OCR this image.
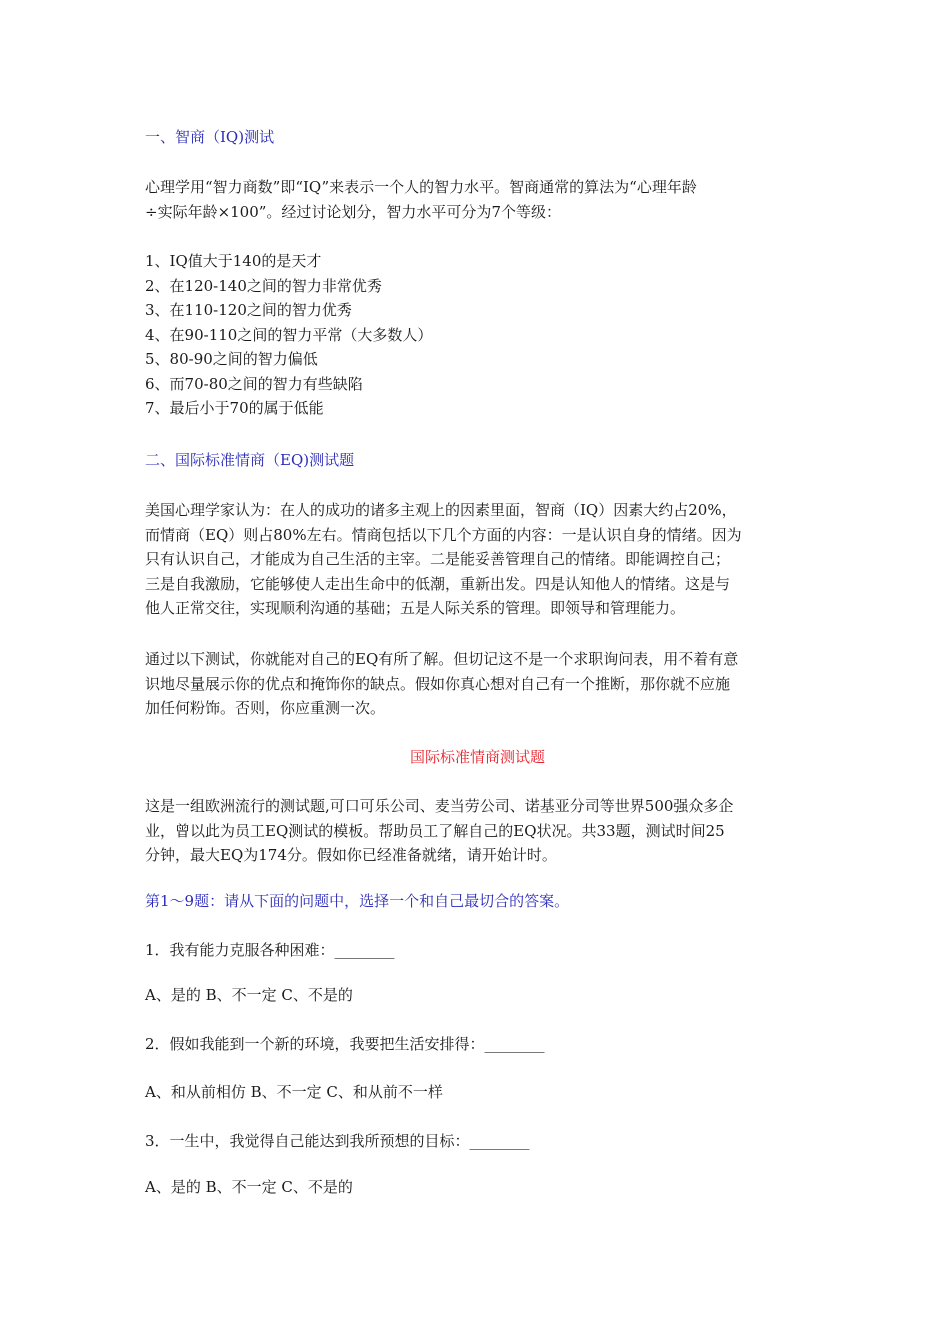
一、智商（IQ)测试

心理学用“智力商数”即“IQ”来表示一个人的智力水平。智商通常的算法为“心理年龄
÷实际年龄×100”。经过讨论划分，智力水平可分为7个等级：

1、IQ值大于140的是天才
2、在120-140之间的智力非常优秀
3、在110-120之间的智力优秀
4、在90-110之间的智力平常（大多数人）
5、80-90之间的智力偏低
6、而70-80之间的智力有些缺陷
7、最后小于70的属于低能

二、国际标准情商（EQ)测试题

美国心理学家认为：在人的成功的诸多主观上的因素里面，智商（IQ）因素大约占20%，
而情商（EQ）则占80%左右。情商包括以下几个方面的内容：一是认识自身的情绪。因为
只有认识自己，才能成为自己生活的主宰。二是能妥善管理自己的情绪。即能调控自己；
三是自我激励，它能够使人走出生命中的低潮，重新出发。四是认知他人的情绪。这是与
他人正常交往，实现顺利沟通的基础；五是人际关系的管理。即领导和管理能力。

通过以下测试，你就能对自己的EQ有所了解。但切记这不是一个求职询问表，用不着有意
识地尽量展示你的优点和掩饰你的缺点。假如你真心想对自己有一个推断，那你就不应施
加任何粉饰。否则，你应重测一次。

国际标准情商测试题

这是一组欧洲流行的测试题,可口可乐公司、麦当劳公司、诺基亚分司等世界500强众多企
业，曾以此为员工EQ测试的模板。帮助员工了解自己的EQ状况。共33题，测试时间25
分钟，最大EQ为174分。假如你已经准备就绪，请开始计时。

第1～9题：请从下面的问题中，选择一个和自己最切合的答案。

1．我有能力克服各种困难：________

A、是的 B、不一定 C、不是的

2．假如我能到一个新的环境，我要把生活安排得：________

A、和从前相仿 B、不一定 C、和从前不一样

3．一生中，我觉得自己能达到我所预想的目标：________

A、是的 B、不一定 C、不是的
